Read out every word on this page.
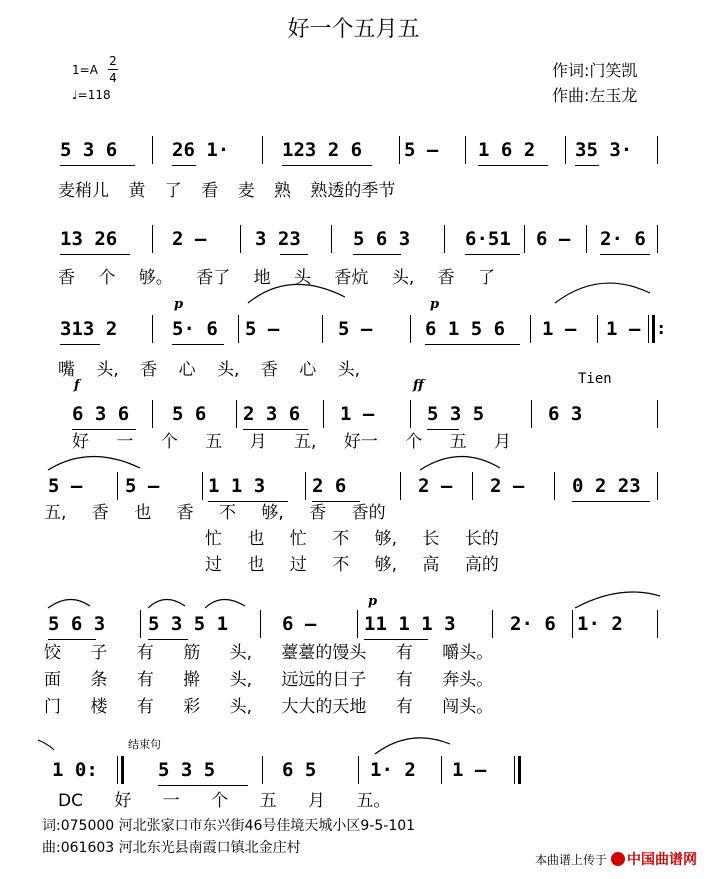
好一个五月五
1=A
2
4
♩=118
作词:门笑凯
作曲:左玉龙
5 3 6	26 1·	123 2 6 5 – 1 6 2 35 3·
麦稍儿 黄 了 看 麦 熟 熟透的季节
13 26	2 –	3 23	5 6 3	6·51 6 – 2· 6
香 个 够。 香了 地 头 香炕 头, 香 了
p	p
313 2	5· 6 5 –	5 –	6 1 5 6 1 – 1 – :
嘴 头, 香 心 头, 香 心 头,	Tien
f	ff
6 3 6 5 6 2 3 6 1 –	5 3 5	6 3
好 一 个 五 月 五, 好一 个 五 月
5 – 5 –	1 1 3 2 6	2 – 2 –	0 2 23
五, 香 也 香 不 够, 香 香的
忙 也 忙 不 够, 长 长的
过 也 过 不 够, 高 高的
p
5 6 3 5 3 5 1	6 –	11 1 1 3	2· 6 1· 2
饺 子 有 筋 头, 薹薹的馒头 有 嚼头。
面 条 有 擀 头, 远远的日子 有 奔头。
门 楼 有 彩 头, 大大的天地 有 闯头。
结束句
1 0:	5 3 5	6 5	1· 2 1 –
DC 好 一 个 五 月 五。
词:075000 河北张家口市东兴街46号佳境天城小区9-5-101
曲:061603 河北东光县南霞口镇北金庄村
本曲谱上传于 中国曲谱网
